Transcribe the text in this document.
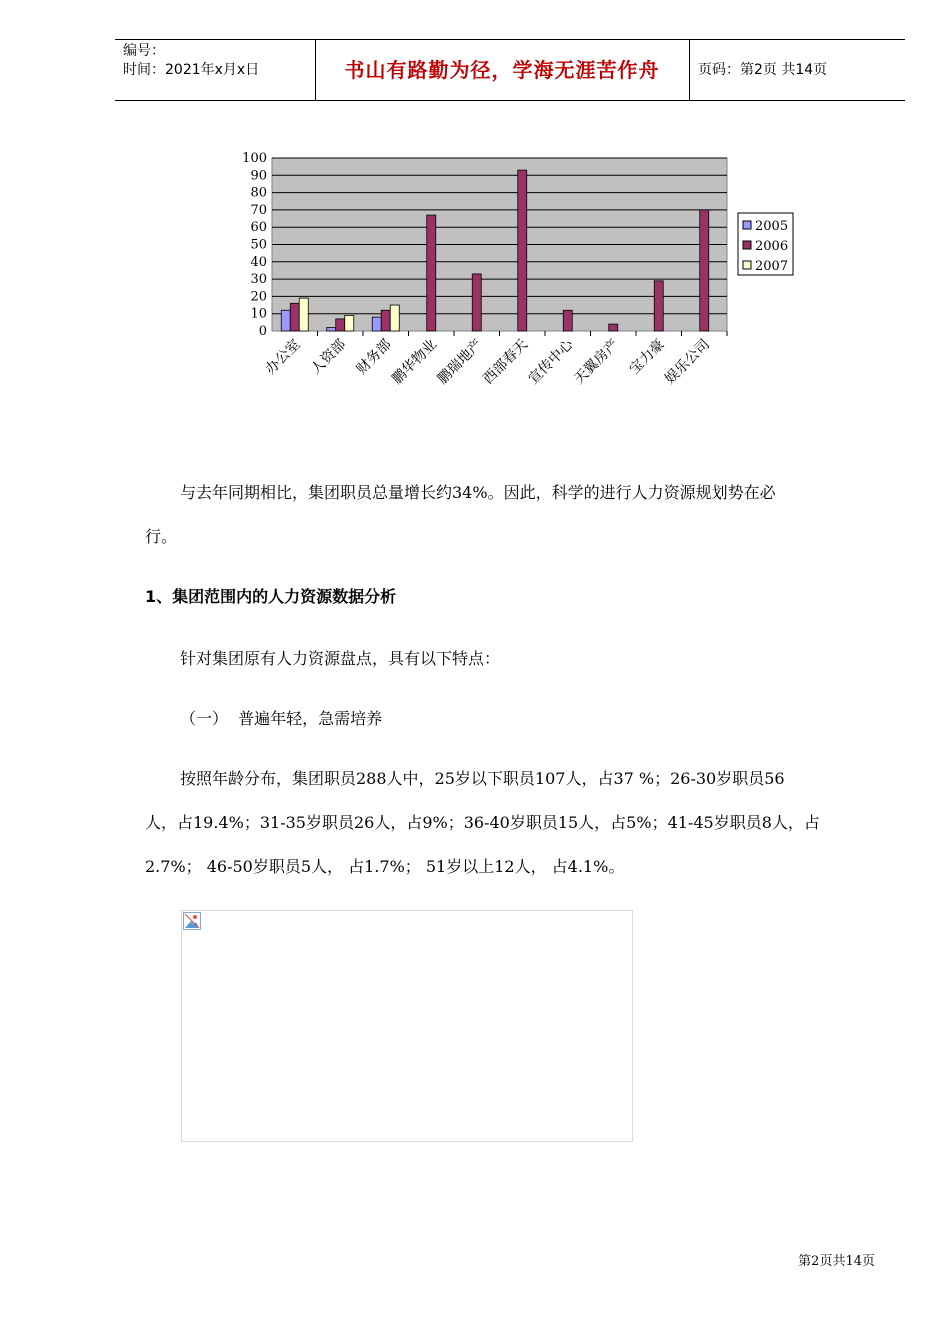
编号：
时间：2021年x月x日	书山有路勤为径，学海无涯苦作舟	页码：第2页 共14页
0
10
20
30
40
50
60
70
80
90
100
办公室 人资部 财务部
鹏华物业
鹏瑞地产
西部春天
宣传中心
天翼房产 宝力豪
娱乐公司
2005
2006
2007
与去年同期相比，集团职员总量增长约34%。因此，科学的进行人力资源规划势在必
行。
1、集团范围内的人力资源数据分析
针对集团原有人力资源盘点，具有以下特点：
（一）  普遍年轻，急需培养
按照年龄分布，集团职员288人中，25岁以下职员107人，占37 %；26-30岁职员56
人，占19.4%；31-35岁职员26人，占9%；36-40岁职员15人，占5%；41-45岁职员8人，占
2.7%； 46-50岁职员5人， 占1.7%； 51岁以上12人， 占4.1%。
第2页共14页
